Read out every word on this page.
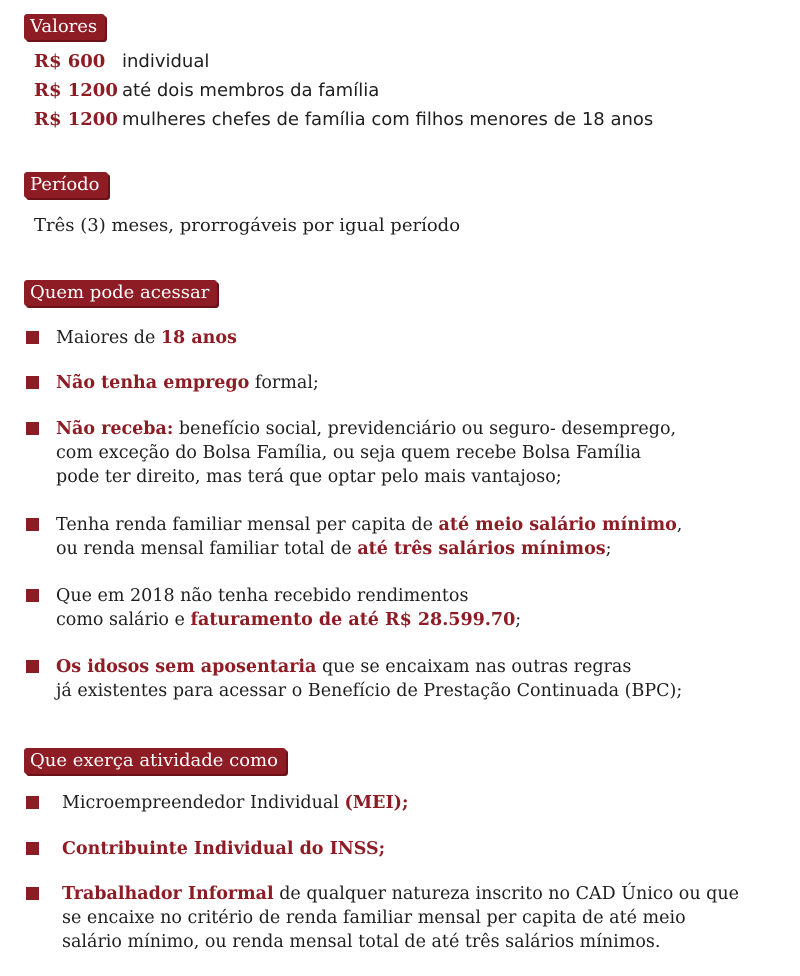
Valores
R$ 600 individual
R$ 1200 até dois membros da família
R$ 1200 mulheres chefes de família com filhos menores de 18 anos
Período
Três (3) meses, prorrogáveis por igual período
Quem pode acessar
Maiores de 18 anos
Não tenha emprego formal;
Não receba: benefício social, previdenciário ou seguro- desemprego,
com exceção do Bolsa Família, ou seja quem recebe Bolsa Família
pode ter direito, mas terá que optar pelo mais vantajoso;
Tenha renda familiar mensal per capita de até meio salário mínimo,
ou renda mensal familiar total de até três salários mínimos;
Que em 2018 não tenha recebido rendimentos
como salário e faturamento de até R$ 28.599.70;
Os idosos sem aposentaria que se encaixam nas outras regras
já existentes para acessar o Benefício de Prestação Continuada (BPC);
Que exerça atividade como
Microempreendedor Individual (MEI);
Contribuinte Individual do INSS;
Trabalhador Informal de qualquer natureza inscrito no CAD Único ou que
se encaixe no critério de renda familiar mensal per capita de até meio
salário mínimo, ou renda mensal total de até três salários mínimos.
